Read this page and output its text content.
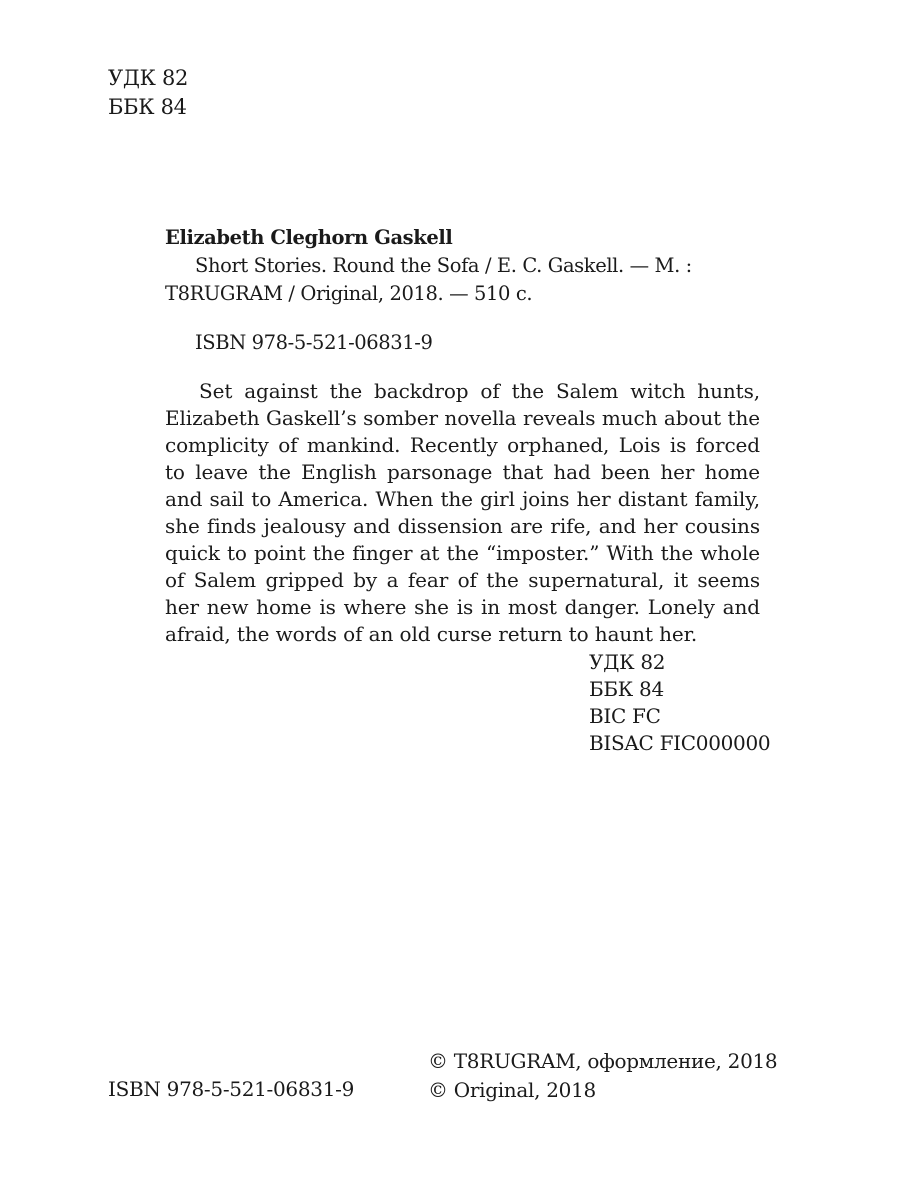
УДК 82
ББК 84
Elizabeth Cleghorn Gaskell

Short Stories. Round the Sofa / E. C. Gaskell. — М. : T8RUGRAM / Original, 2018. — 510 с.

ISBN 978-5-521-06831-9

Set against the backdrop of the Salem witch hunts, Elizabeth Gaskell’s somber novella reveals much about the complicity of mankind. Recently orphaned, Lois is forced to leave the English parsonage that had been her home and sail to America. When the girl joins her distant family, she finds jealousy and dissension are rife, and her cousins quick to point the finger at the “imposter.” With the whole of Salem gripped by a fear of the supernatural, it seems her new home is where she is in most danger. Lonely and afraid, the words of an old curse return to haunt her.

УДК 82
ББК 84
BIC FC
BISAC FIC000000
© T8RUGRAM, оформление, 2018
© Original, 2018
ISBN 978-5-521-06831-9
